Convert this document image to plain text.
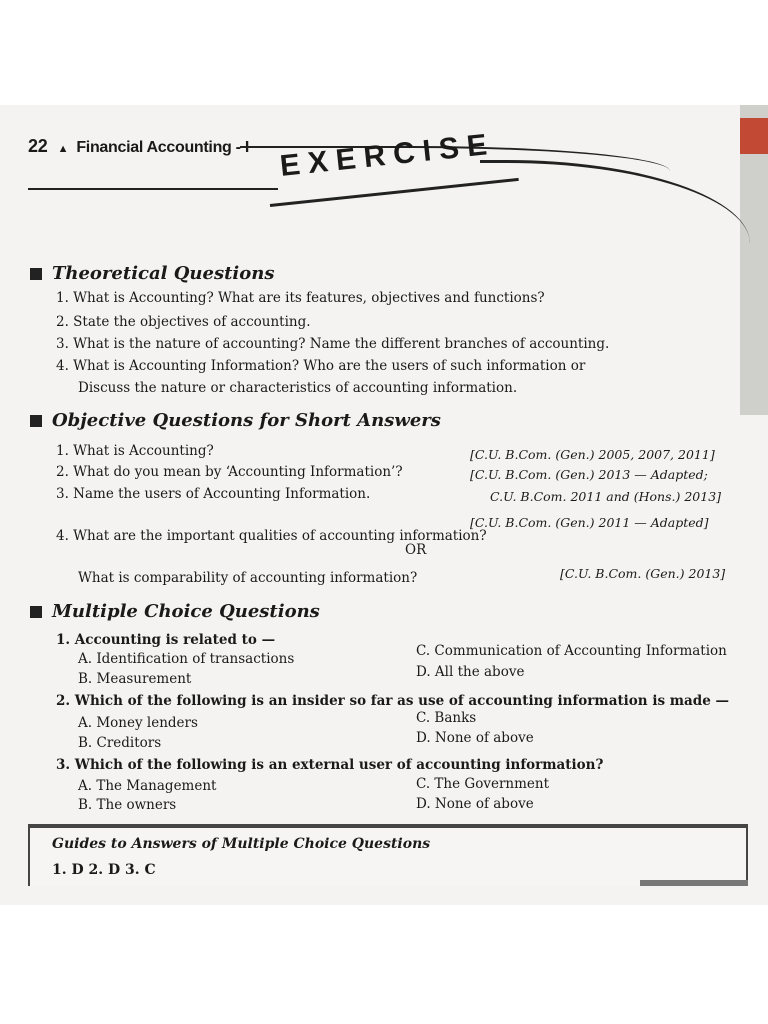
22 ▲ Financial Accounting - I EXERCISE
Theoretical Questions
1. What is Accounting? What are its features, objectives and functions?
2. State the objectives of accounting.
3. What is the nature of accounting? Name the different branches of accounting.
4. What is Accounting Information? Who are the users of such information or
Discuss the nature or characteristics of accounting information.
Objective Questions for Short Answers
1. What is Accounting?
2. What do you mean by ‘Accounting Information’?
3. Name the users of Accounting Information.
4. What are the important qualities of accounting information?
OR
What is comparability of accounting information?
[C.U. B.Com. (Gen.) 2005, 2007, 2011]
[C.U. B.Com. (Gen.) 2013 — Adapted;
C.U. B.Com. 2011 and (Hons.) 2013]
[C.U. B.Com. (Gen.) 2011 — Adapted]
[C.U. B.Com. (Gen.) 2013]
Multiple Choice Questions
1. Accounting is related to —
A. Identification of transactions
B. Measurement
C. Communication of Accounting Information
D. All the above
2. Which of the following is an insider so far as use of accounting information is made —
A. Money lenders
B. Creditors
C. Banks
D. None of above
3. Which of the following is an external user of accounting information?
A. The Management
B. The owners
C. The Government
D. None of above
Guides to Answers of Multiple Choice Questions
1. D 2. D 3. C
